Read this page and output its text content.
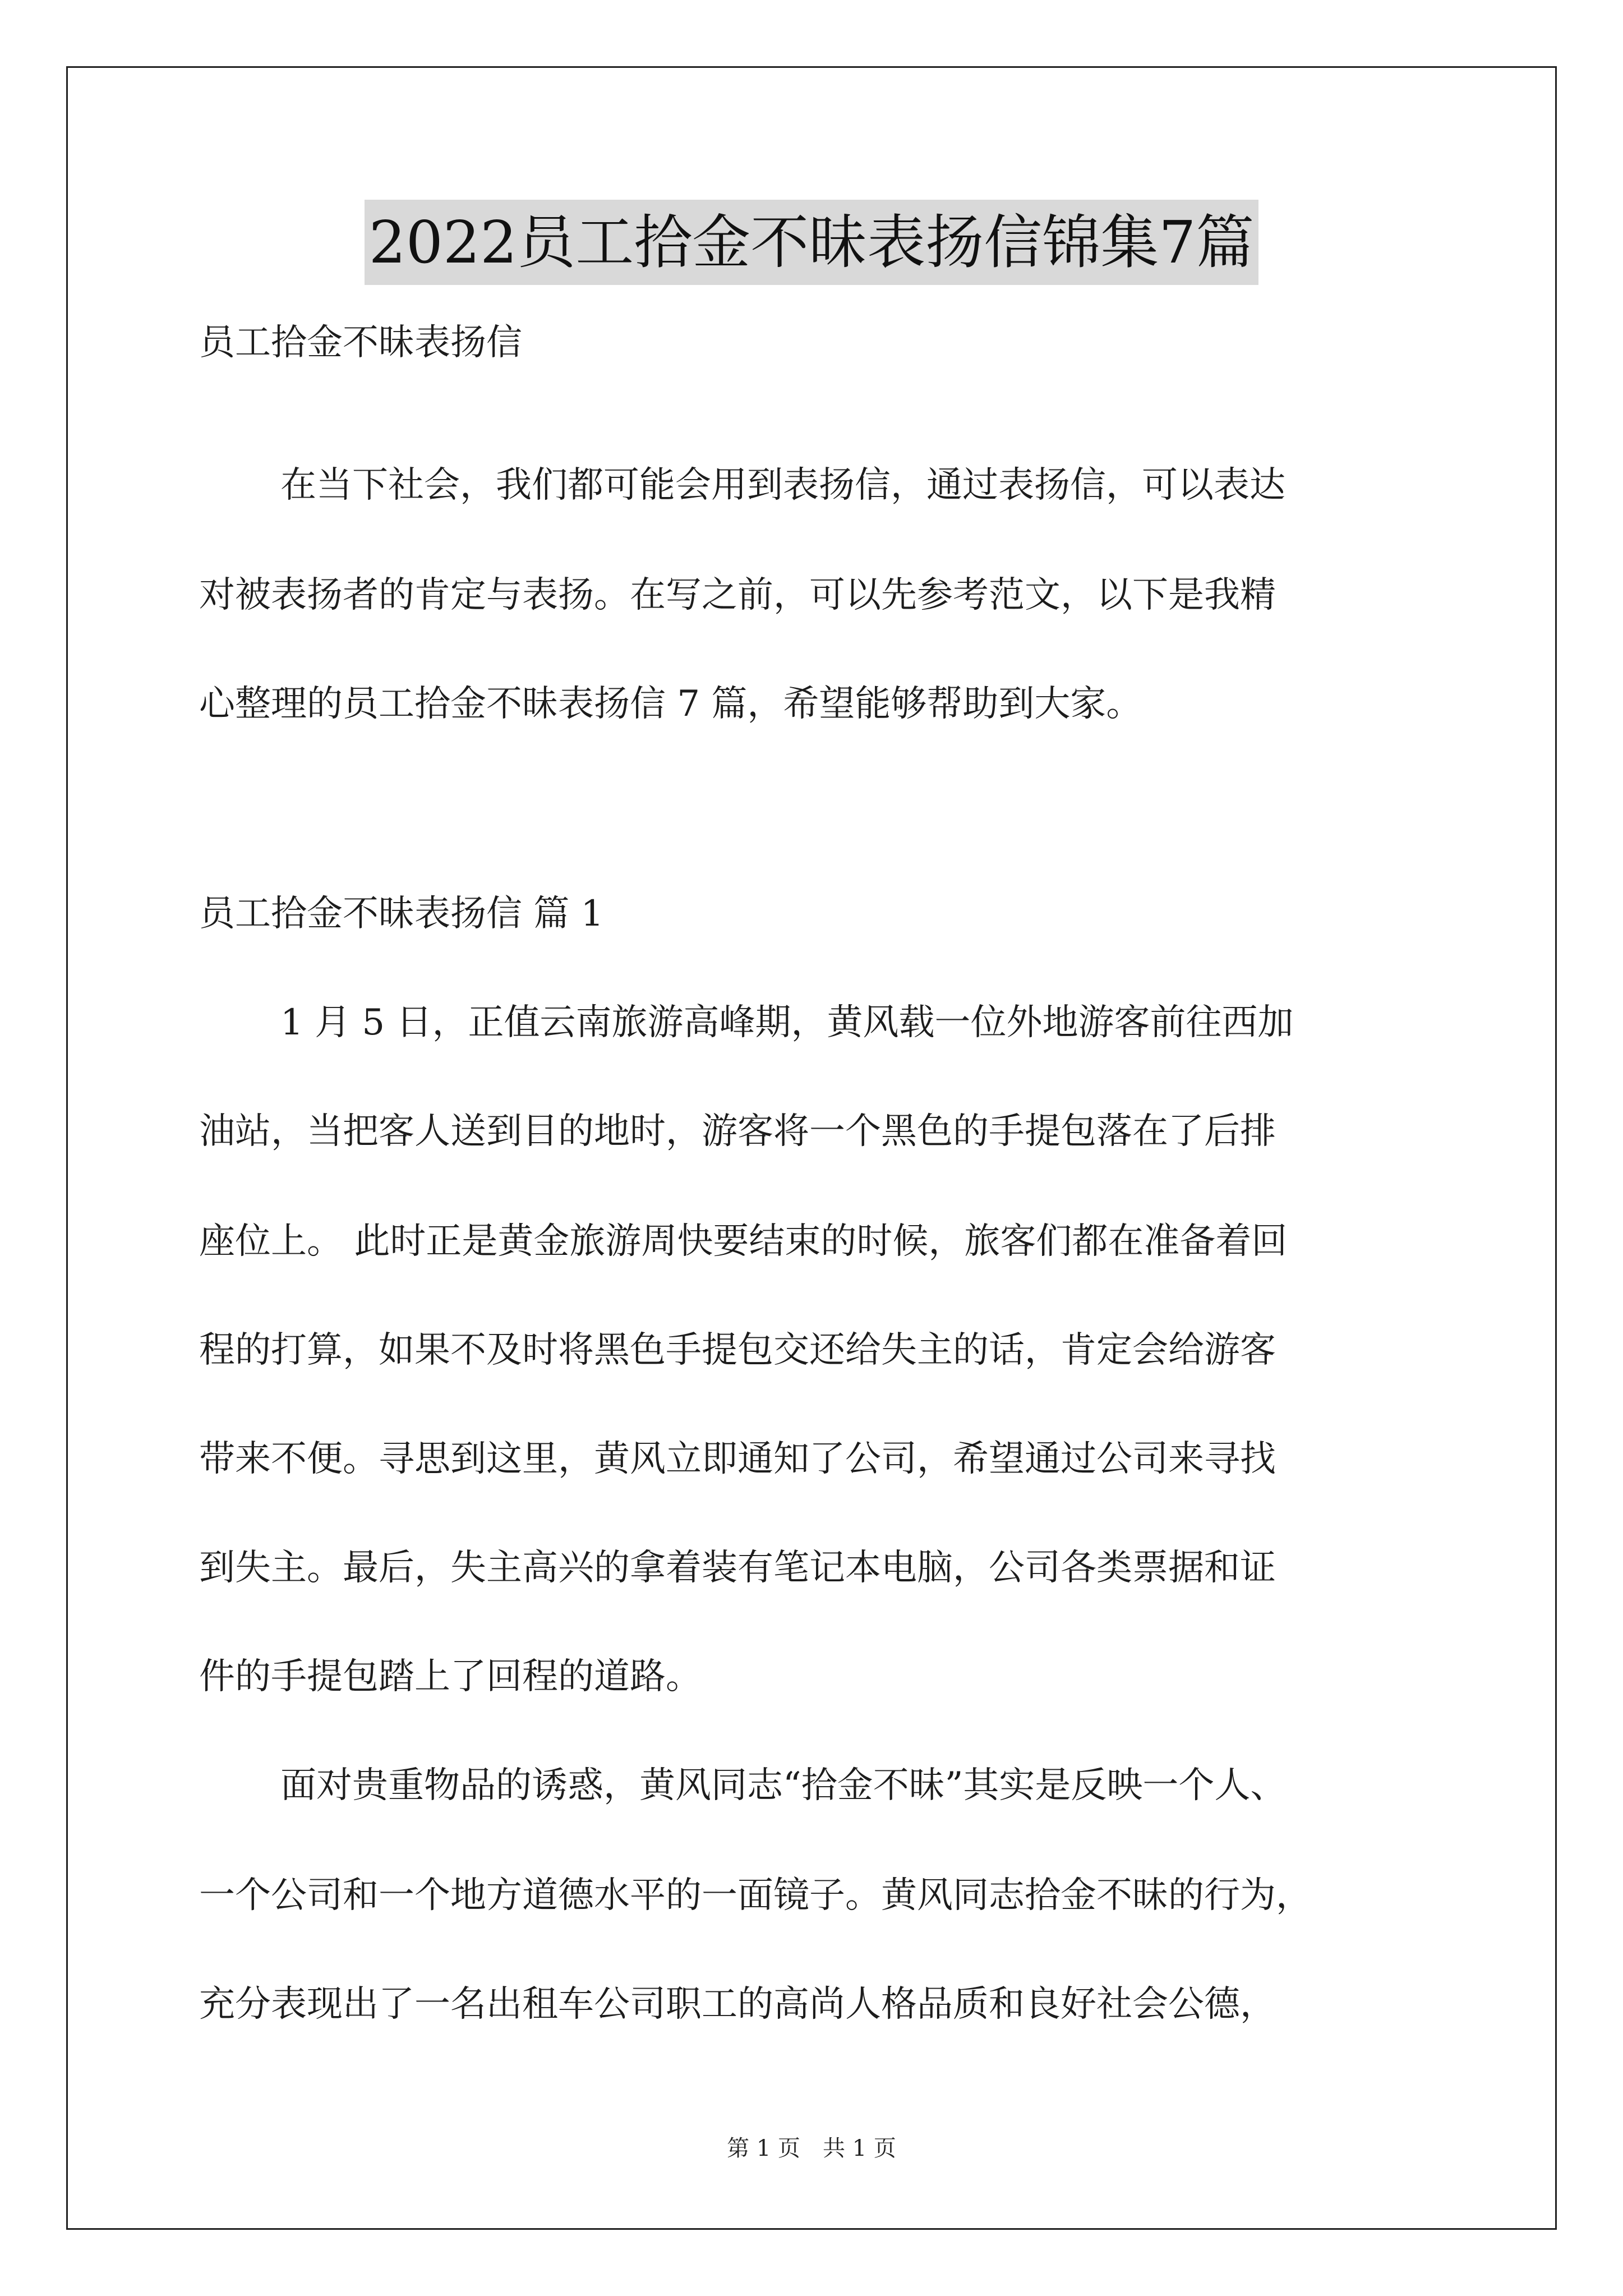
2022员工拾金不昧表扬信锦集7篇
员工拾金不昧表扬信
在当下社会，我们都可能会用到表扬信，通过表扬信，可以表达
对被表扬者的肯定与表扬。在写之前，可以先参考范文，以下是我精
心整理的员工拾金不昧表扬信 7 篇，希望能够帮助到大家。
员工拾金不昧表扬信 篇 1
1 月 5 日，正值云南旅游高峰期，黄风载一位外地游客前往西加
油站，当把客人送到目的地时，游客将一个黑色的手提包落在了后排
座位上。 此时正是黄金旅游周快要结束的时候，旅客们都在准备着回
程的打算，如果不及时将黑色手提包交还给失主的话，肯定会给游客
带来不便。寻思到这里，黄风立即通知了公司，希望通过公司来寻找
到失主。最后，失主高兴的拿着装有笔记本电脑，公司各类票据和证
件的手提包踏上了回程的道路。
面对贵重物品的诱惑，黄风同志“拾金不昧”其实是反映一个人、
一个公司和一个地方道德水平的一面镜子。黄风同志拾金不昧的行为，
充分表现出了一名出租车公司职工的高尚人格品质和良好社会公德，
第 1 页　共 1 页
